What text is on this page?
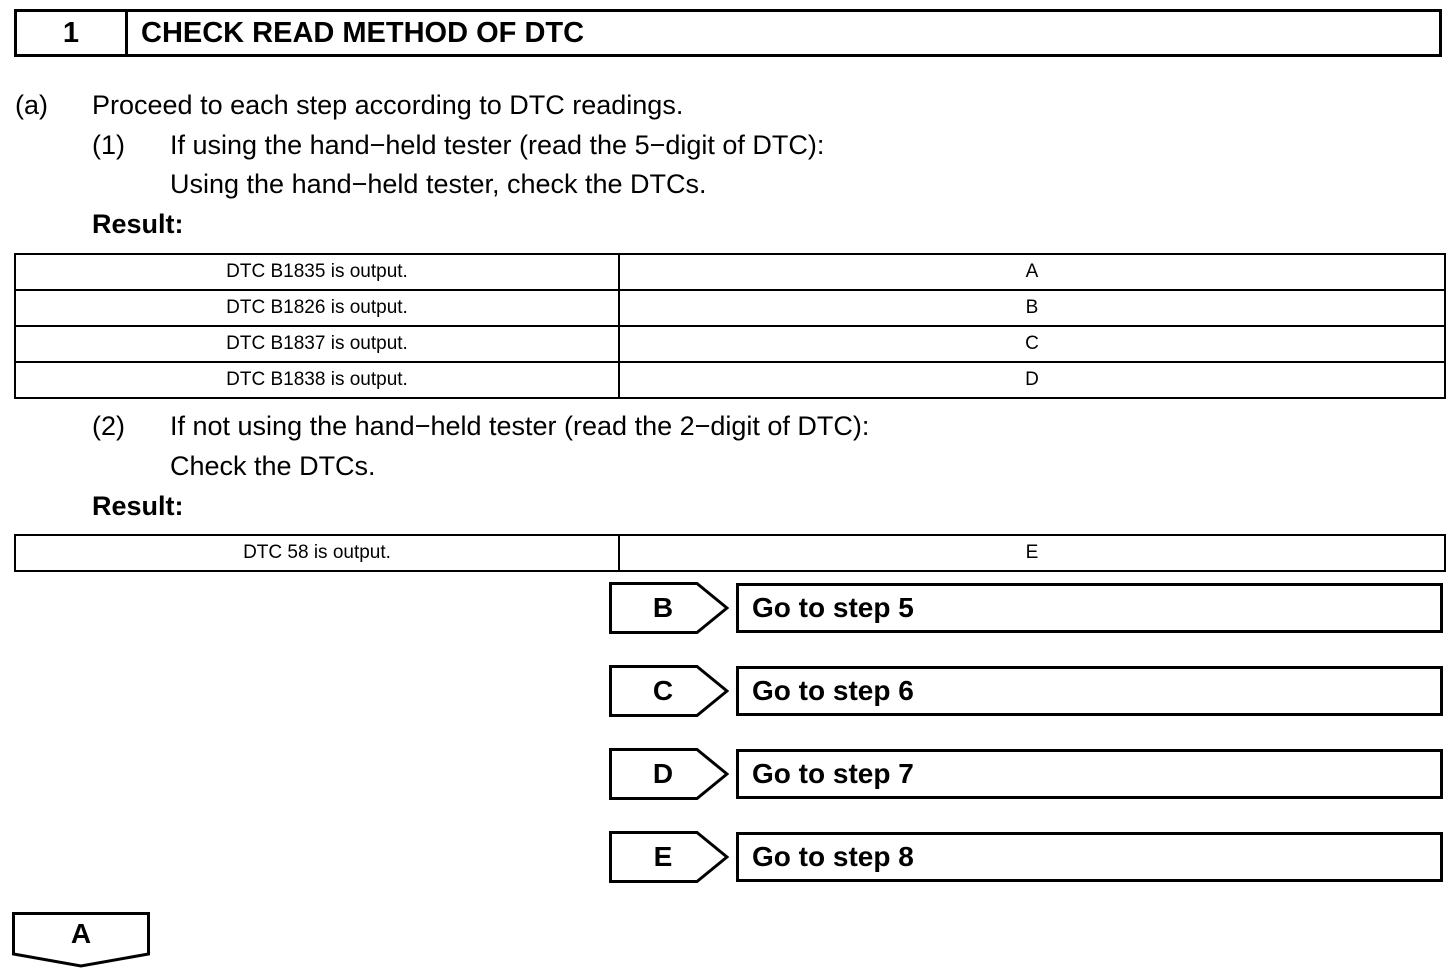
1	CHECK READ METHOD OF DTC
(a) Proceed to each step according to DTC readings.
(1) If using the hand−held tester (read the 5−digit of DTC):
Using the hand−held tester, check the DTCs.
Result:
DTC B1835 is output.	A
DTC B1826 is output.	B
DTC B1837 is output.	C
DTC B1838 is output.	D
(2) If not using the hand−held tester (read the 2−digit of DTC):
Check the DTCs.
Result:
DTC 58 is output.	E
B	Go to step 5
C	Go to step 6
D	Go to step 7
E	Go to step 8
A
